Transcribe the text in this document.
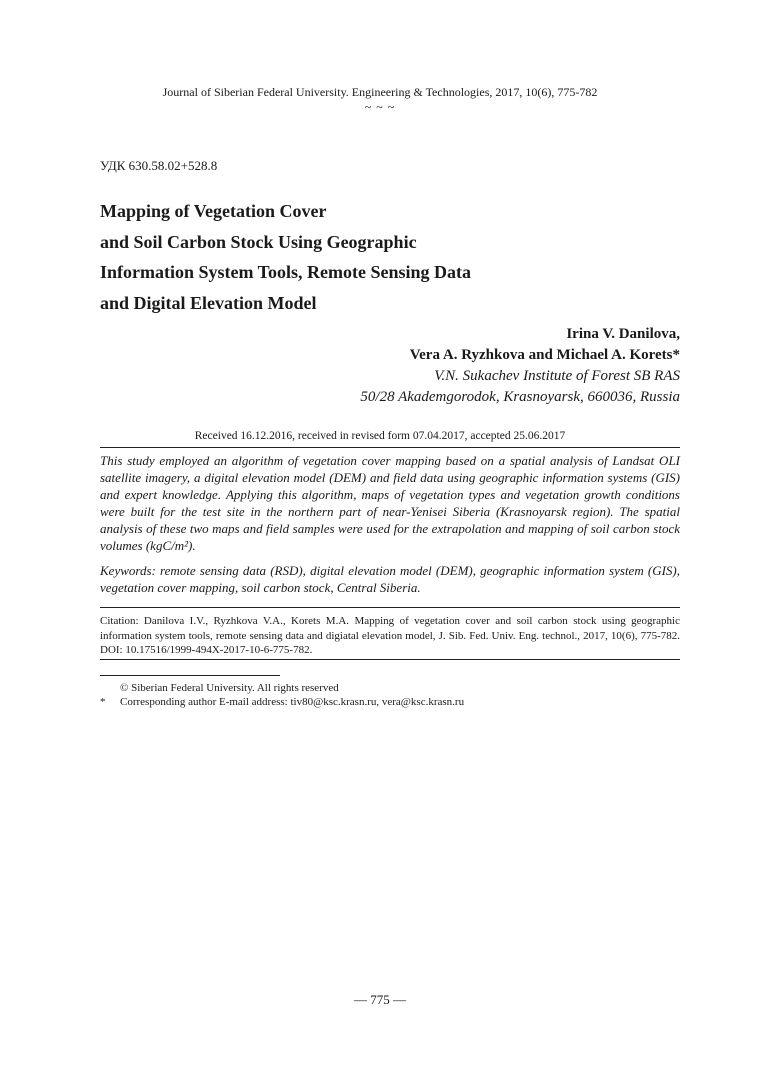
Journal of Siberian Federal University. Engineering & Technologies, 2017, 10(6), 775-782
~ ~ ~
УДК 630.58.02+528.8
Mapping of Vegetation Cover
and Soil Carbon Stock Using Geographic
Information System Tools, Remote Sensing Data
and Digital Elevation Model
Irina V. Danilova,
Vera A. Ryzhkova and Michael A. Korets*
V.N. Sukachev Institute of Forest SB RAS
50/28 Akademgorodok, Krasnoyarsk, 660036, Russia
Received 16.12.2016, received in revised form 07.04.2017, accepted 25.06.2017
This study employed an algorithm of vegetation cover mapping based on a spatial analysis of Landsat OLI satellite imagery, a digital elevation model (DEM) and field data using geographic information systems (GIS) and expert knowledge. Applying this algorithm, maps of vegetation types and vegetation growth conditions were built for the test site in the northern part of near-Yenisei Siberia (Krasnoyarsk region). The spatial analysis of these two maps and field samples were used for the extrapolation and mapping of soil carbon stock volumes (kgC/m²).
Keywords: remote sensing data (RSD), digital elevation model (DEM), geographic information system (GIS), vegetation cover mapping, soil carbon stock, Central Siberia.
Citation: Danilova I.V., Ryzhkova V.A., Korets M.A. Mapping of vegetation cover and soil carbon stock using geographic information system tools, remote sensing data and digiatal elevation model, J. Sib. Fed. Univ. Eng. technol., 2017, 10(6), 775-782. DOI: 10.17516/1999-494X-2017-10-6-775-782.
© Siberian Federal University. All rights reserved
* Corresponding author E-mail address: tiv80@ksc.krasn.ru, vera@ksc.krasn.ru
— 775 —
